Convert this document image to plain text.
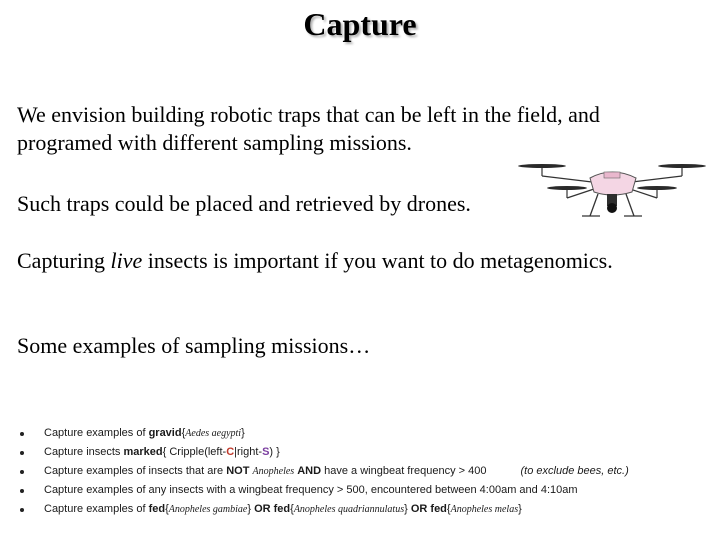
Capture
We envision building robotic traps that can be left in the field, and programed with different sampling missions.
Such traps could be placed and retrieved by drones.
Capturing live insects is important if you want to do metagenomics.
Some examples of sampling missions…
Capture examples of gravid{Aedes aegypti}
Capture insects marked{ Cripple(left-C|right-S) }
Capture examples of insects that are NOT Anopheles AND have a wingbeat frequency > 400	(to exclude bees, etc.)
Capture examples of any insects with a wingbeat frequency > 500, encountered between 4:00am and 4:10am
Capture examples of fed{Anopheles gambiae} OR fed{Anopheles quadriannulatus} OR fed{Anopheles melas}
